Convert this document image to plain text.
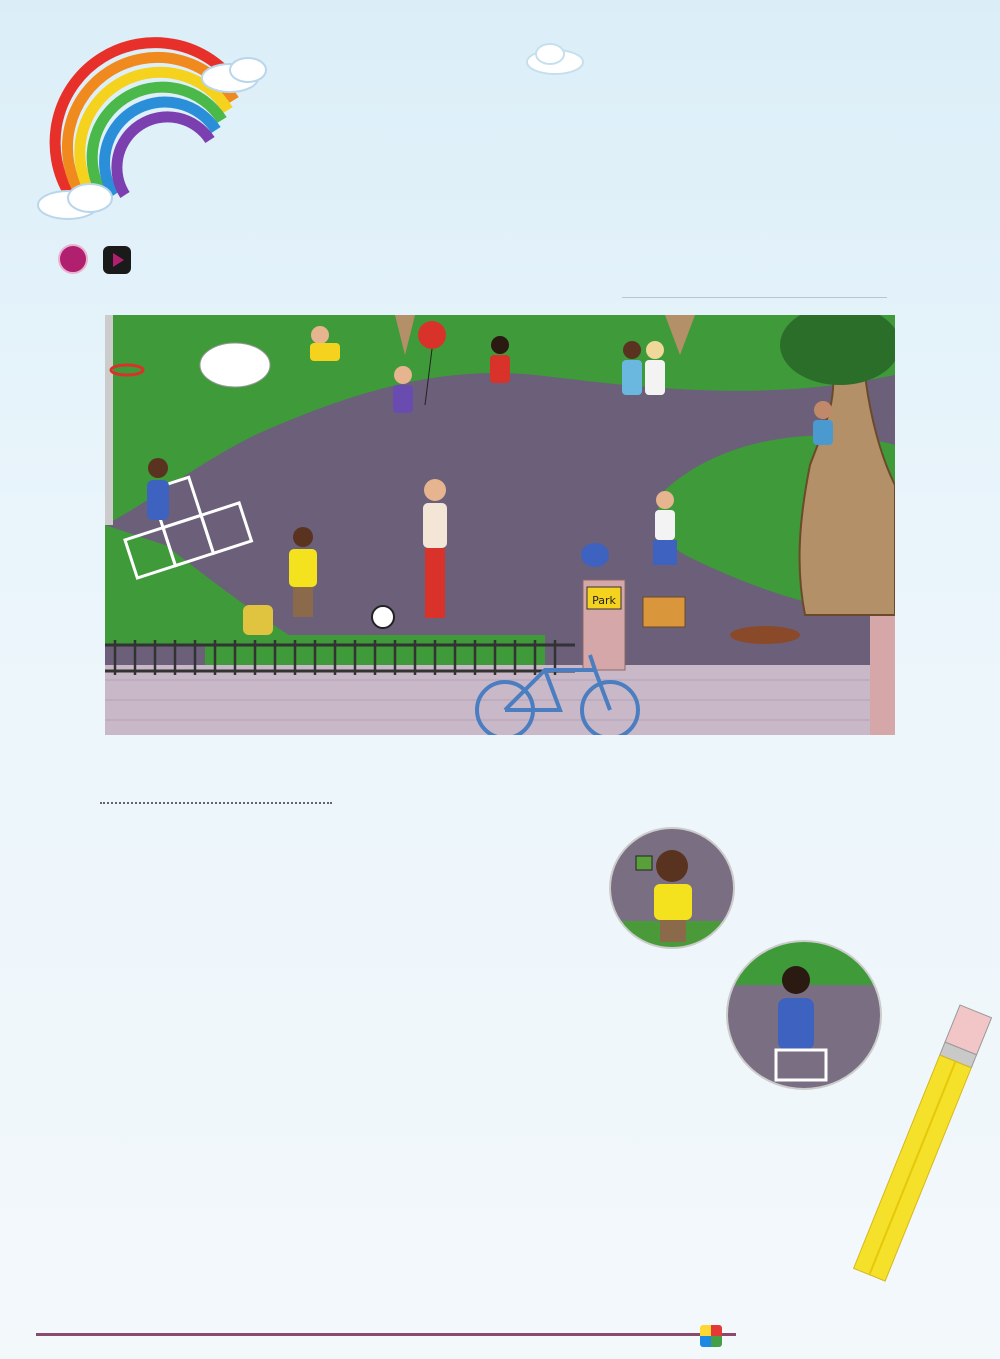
Park
